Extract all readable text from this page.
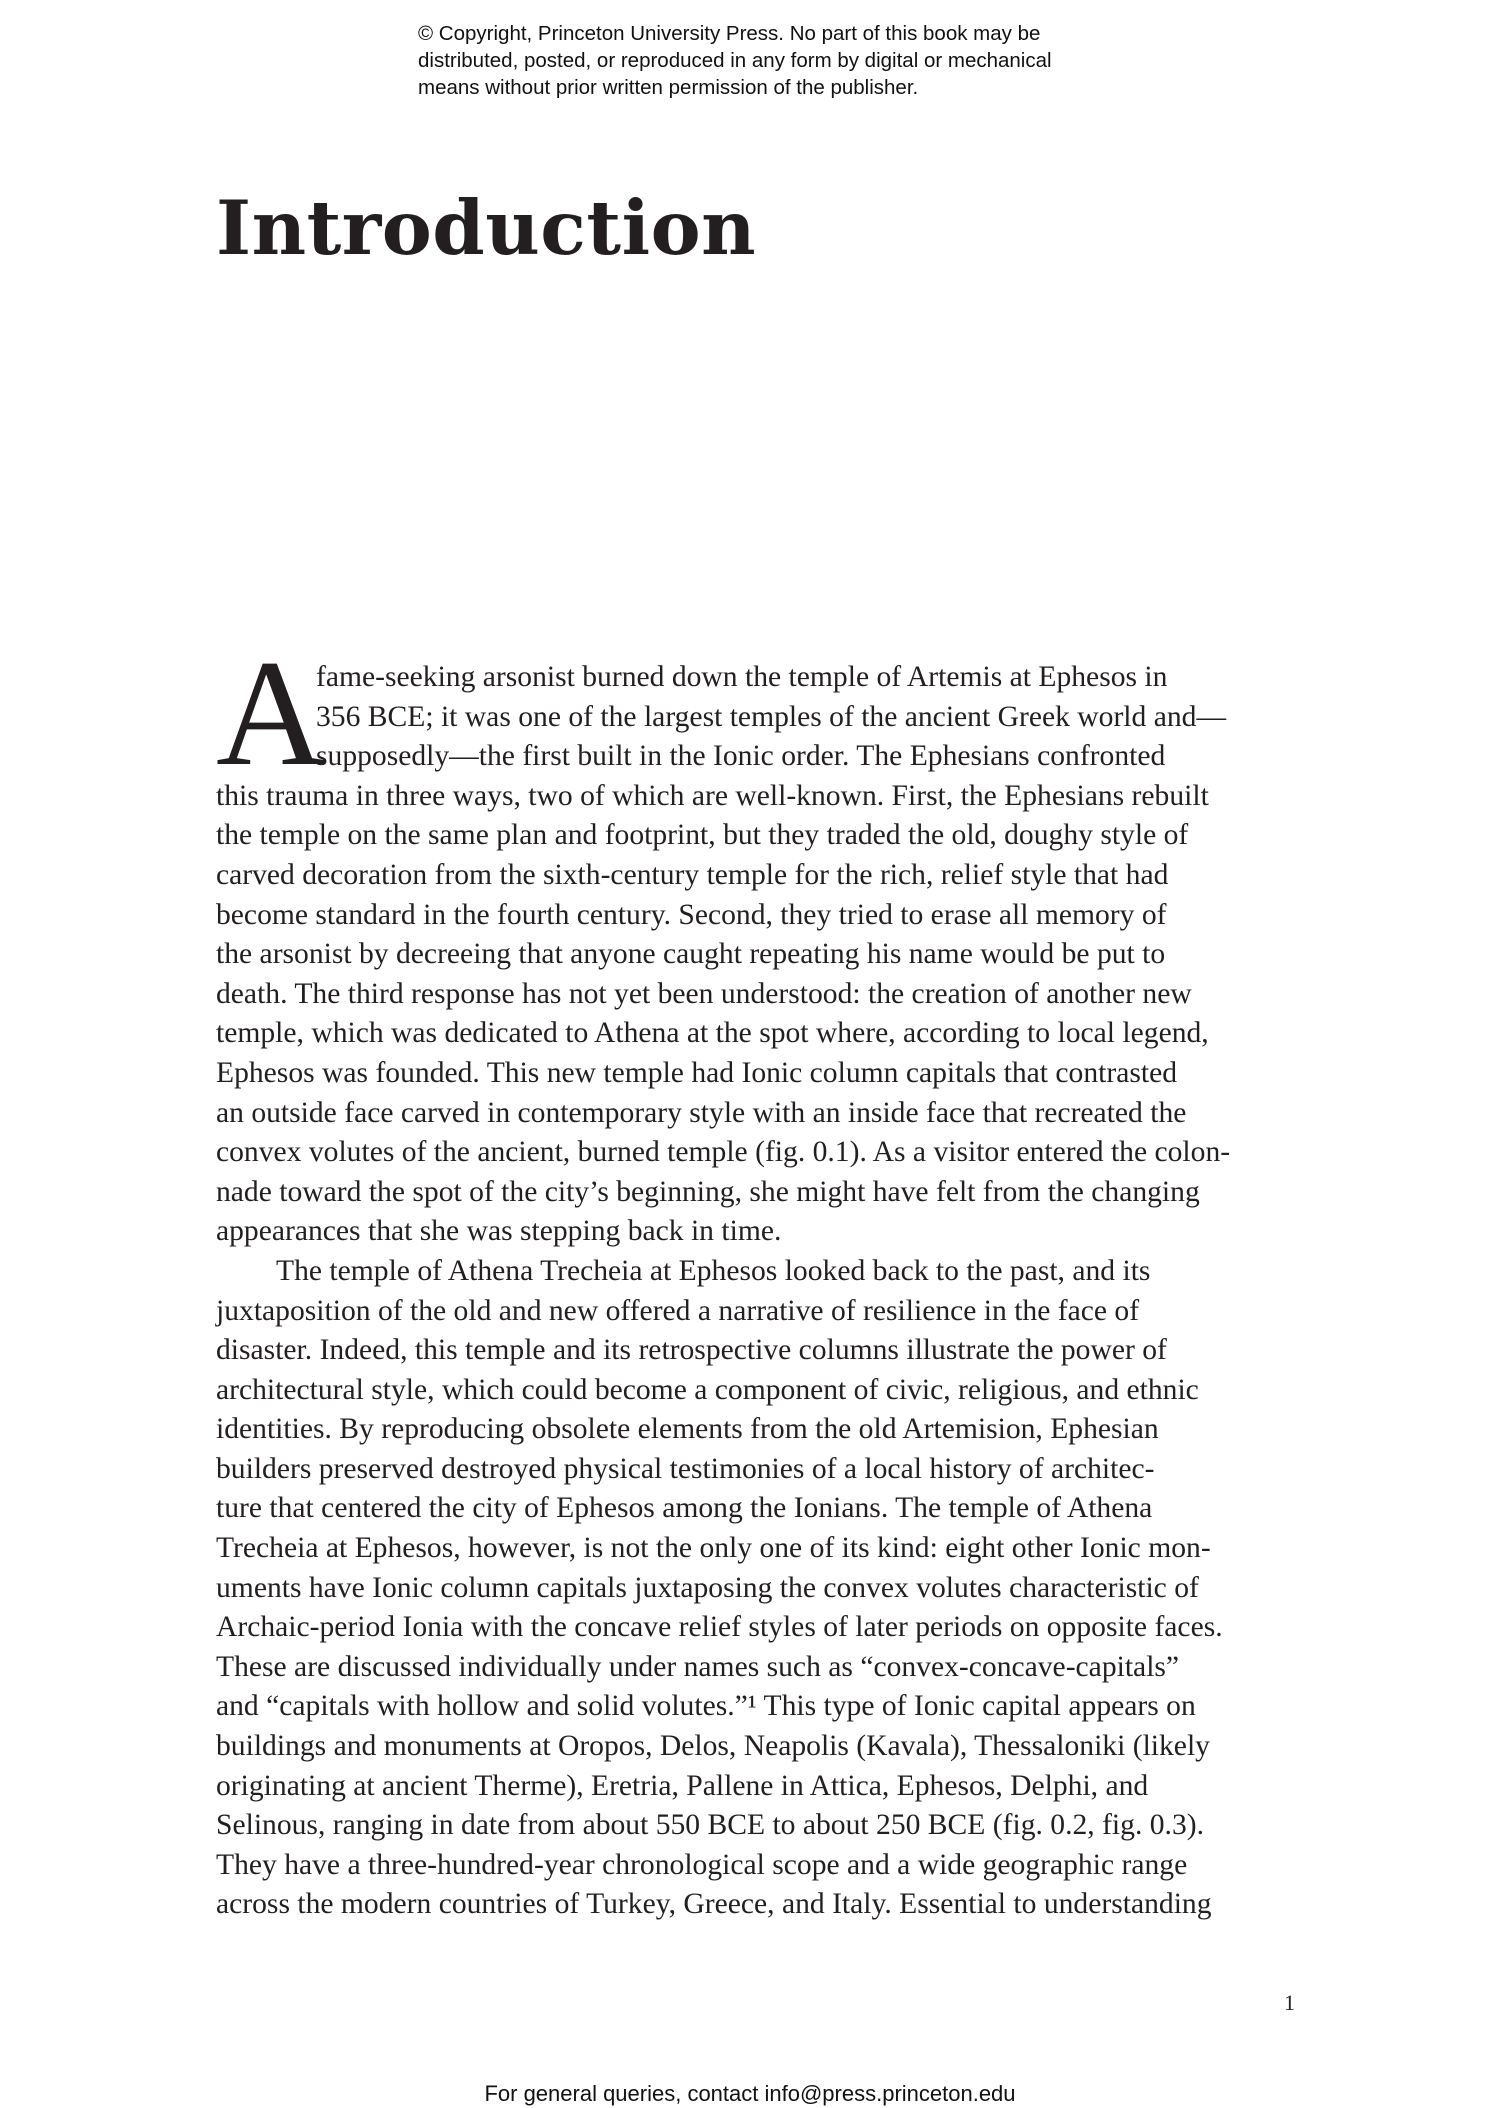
© Copyright, Princeton University Press. No part of this book may be
distributed, posted, or reproduced in any form by digital or mechanical
means without prior written permission of the publisher.
Introduction
A
fame-seeking arsonist burned down the temple of Artemis at Ephesos in
356 BCE; it was one of the largest temples of the ancient Greek world and—
supposedly—the first built in the Ionic order. The Ephesians confronted
this trauma in three ways, two of which are well-known. First, the Ephesians rebuilt
the temple on the same plan and footprint, but they traded the old, doughy style of
carved decoration from the sixth-century temple for the rich, relief style that had
become standard in the fourth century. Second, they tried to erase all memory of
the arsonist by decreeing that anyone caught repeating his name would be put to
death. The third response has not yet been understood: the creation of another new
temple, which was dedicated to Athena at the spot where, according to local legend,
Ephesos was founded. This new temple had Ionic column capitals that contrasted
an outside face carved in contemporary style with an inside face that recreated the
convex volutes of the ancient, burned temple (fig. 0.1). As a visitor entered the colon-
nade toward the spot of the city’s beginning, she might have felt from the changing
appearances that she was stepping back in time.
The temple of Athena Trecheia at Ephesos looked back to the past, and its
juxtaposition of the old and new offered a narrative of resilience in the face of
disaster. Indeed, this temple and its retrospective columns illustrate the power of
architectural style, which could become a component of civic, religious, and ethnic
identities. By reproducing obsolete elements from the old Artemision, Ephesian
builders preserved destroyed physical testimonies of a local history of architec-
ture that centered the city of Ephesos among the Ionians. The temple of Athena
Trecheia at Ephesos, however, is not the only one of its kind: eight other Ionic mon-
uments have Ionic column capitals juxtaposing the convex volutes characteristic of
Archaic-period Ionia with the concave relief styles of later periods on opposite faces.
These are discussed individually under names such as “convex-concave-capitals”
and “capitals with hollow and solid volutes.”¹ This type of Ionic capital appears on
buildings and monuments at Oropos, Delos, Neapolis (Kavala), Thessaloniki (likely
originating at ancient Therme), Eretria, Pallene in Attica, Ephesos, Delphi, and
Selinous, ranging in date from about 550 BCE to about 250 BCE (fig. 0.2, fig. 0.3).
They have a three-hundred-year chronological scope and a wide geographic range
across the modern countries of Turkey, Greece, and Italy. Essential to understanding
1
For general queries, contact info@press.princeton.edu
